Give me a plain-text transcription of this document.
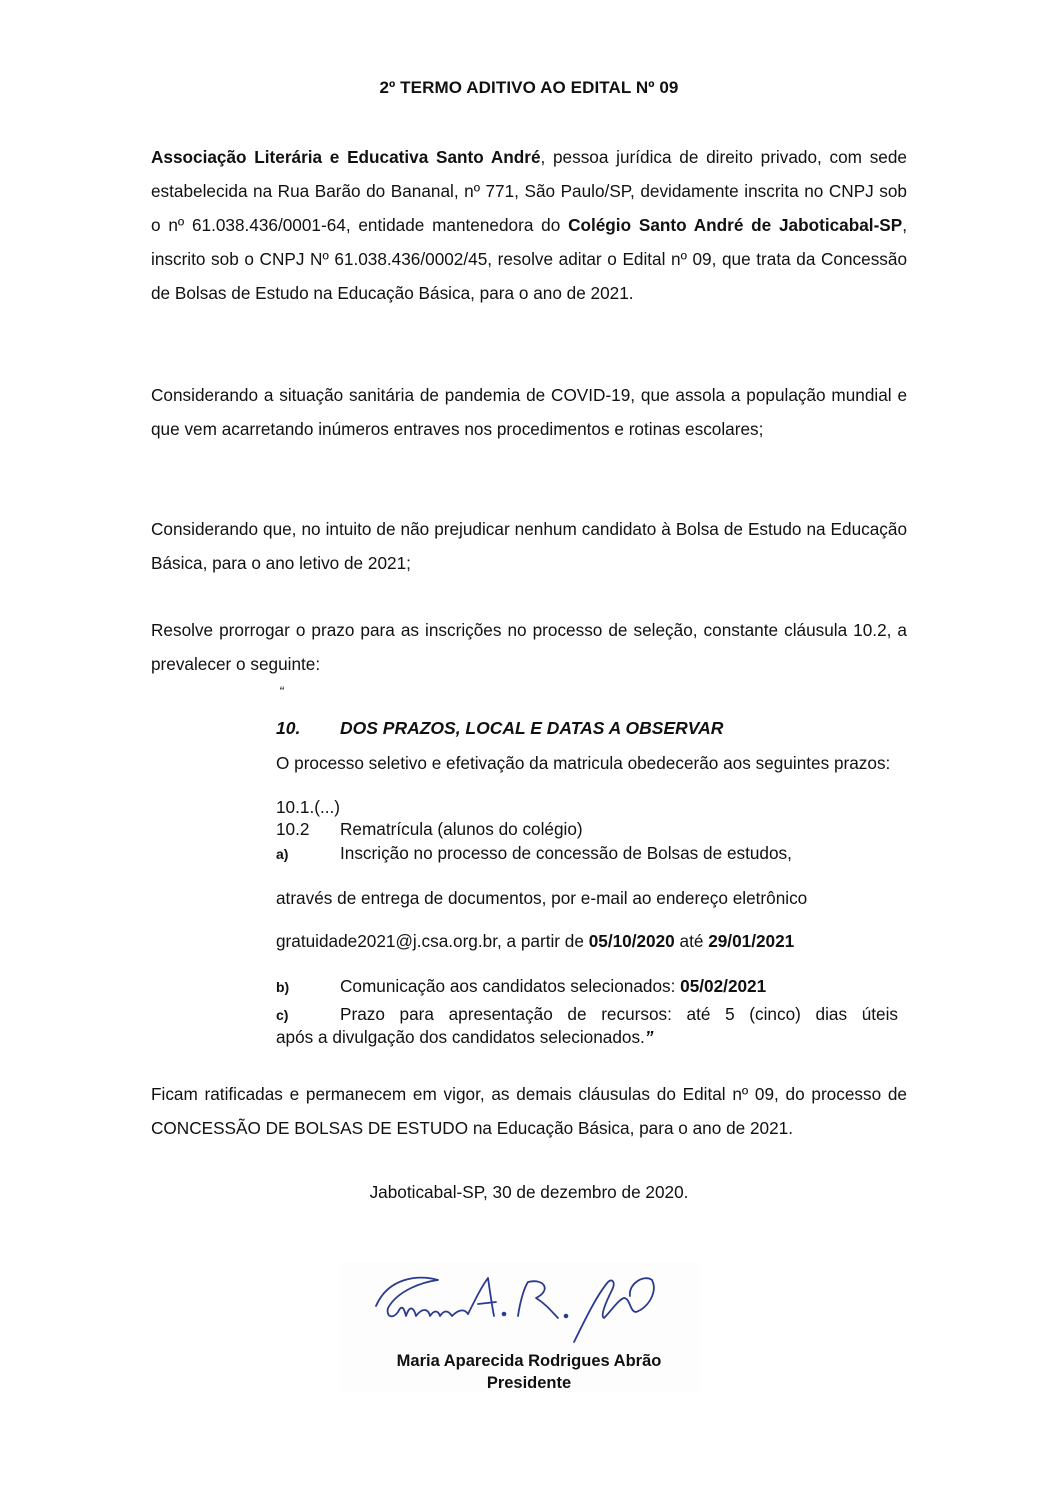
2º TERMO ADITIVO AO EDITAL Nº 09

Associação Literária e Educativa Santo André, pessoa jurídica de direito privado, com sede estabelecida na Rua Barão do Bananal, nº 771, São Paulo/SP, devidamente inscrita no CNPJ sob o nº 61.038.436/0001-64, entidade mantenedora do Colégio Santo André de Jaboticabal-SP, inscrito sob o CNPJ Nº 61.038.436/0002/45, resolve aditar o Edital nº 09, que trata da Concessão de Bolsas de Estudo na Educação Básica, para o ano de 2021.

Considerando a situação sanitária de pandemia de COVID-19, que assola a população mundial e que vem acarretando inúmeros entraves nos procedimentos e rotinas escolares;

Considerando que, no intuito de não prejudicar nenhum candidato à Bolsa de Estudo na Educação Básica, para o ano letivo de 2021;

Resolve prorrogar o prazo para as inscrições no processo de seleção, constante cláusula 10.2, a prevalecer o seguinte:

“
10. DOS PRAZOS, LOCAL E DATAS A OBSERVAR
O processo seletivo e efetivação da matricula obedecerão aos seguintes prazos:
10.1.(...)
10.2 Rematrícula (alunos do colégio)
a)	Inscrição no processo de concessão de Bolsas de estudos,
através de entrega de documentos, por e-mail ao endereço eletrônico
gratuidade2021@j.csa.org.br, a partir de 05/10/2020 até 29/01/2021
b)	Comunicação aos candidatos selecionados: 05/02/2021
c)	Prazo para apresentação de recursos: até 5 (cinco) dias úteis
após a divulgação dos candidatos selecionados.”

Ficam ratificadas e permanecem em vigor, as demais cláusulas do Edital nº 09, do processo de CONCESSÃO DE BOLSAS DE ESTUDO na Educação Básica, para o ano de 2021.

Jaboticabal-SP, 30 de dezembro de 2020.
Maria Aparecida Rodrigues Abrão
Presidente
